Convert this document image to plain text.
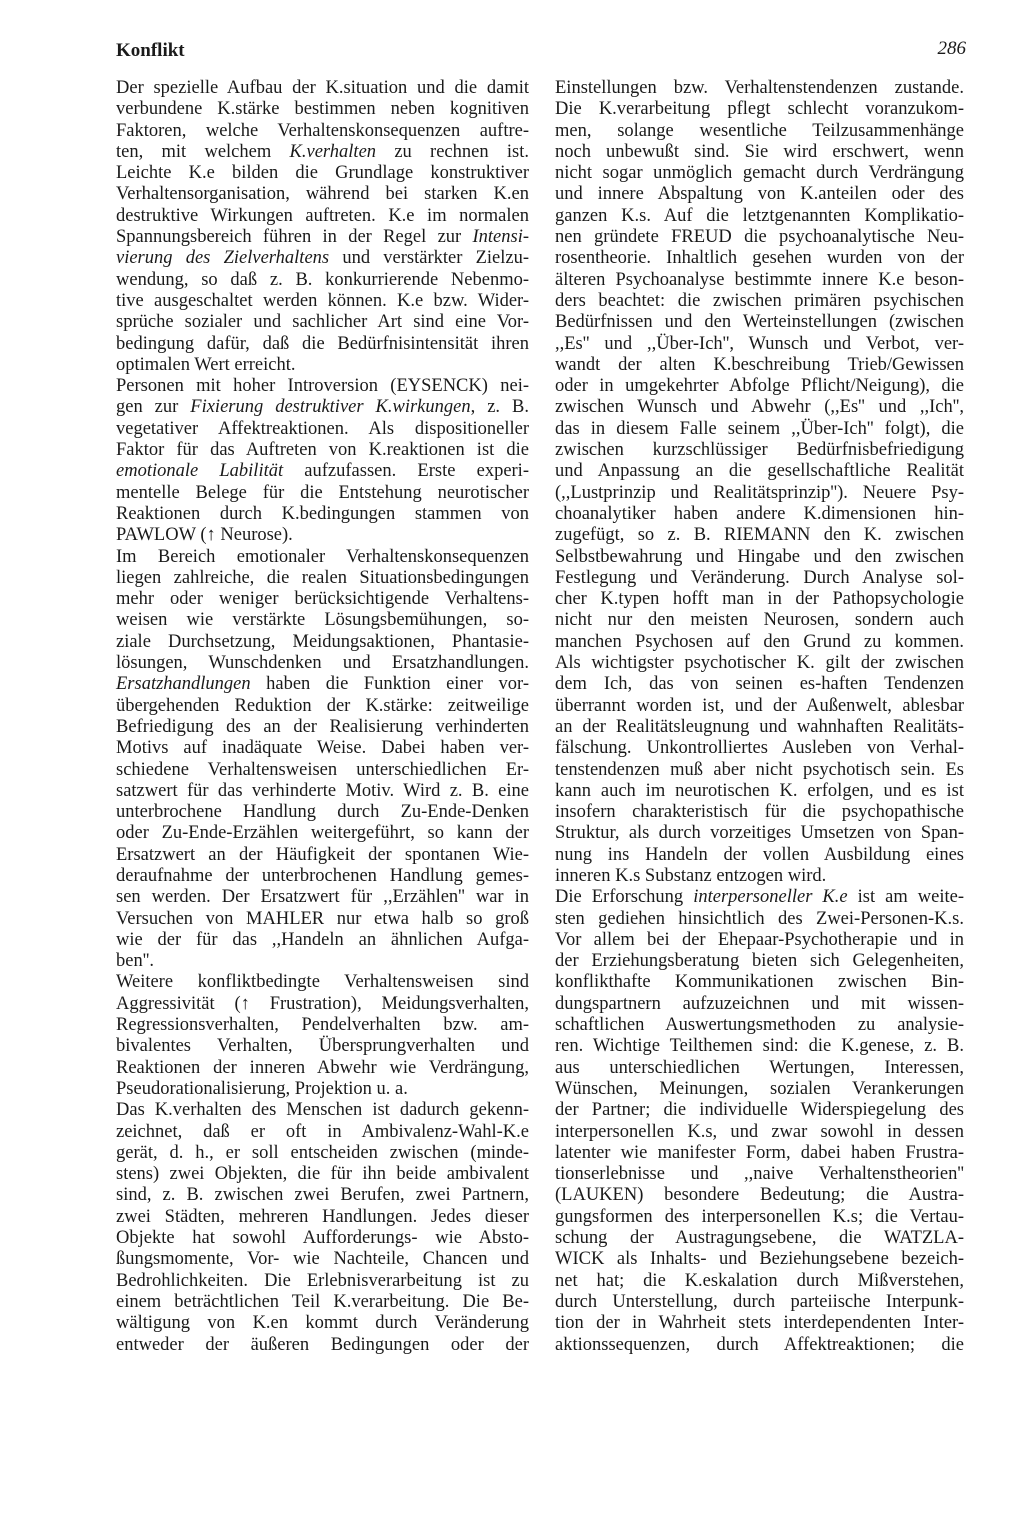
Konflikt	286
Der spezielle Aufbau der K.situation und die damit
verbundene K.stärke bestimmen neben kognitiven
Faktoren, welche Verhaltenskonsequenzen auftre-
ten, mit welchem K.verhalten zu rechnen ist.
Leichte K.e bilden die Grundlage konstruktiver
Verhaltensorganisation, während bei starken K.en
destruktive Wirkungen auftreten. K.e im normalen
Spannungsbereich führen in der Regel zur Intensi-
vierung des Zielverhaltens und verstärkter Zielzu-
wendung, so daß z. B. konkurrierende Nebenmo-
tive ausgeschaltet werden können. K.e bzw. Wider-
sprüche sozialer und sachlicher Art sind eine Vor-
bedingung dafür, daß die Bedürfnisintensität ihren
optimalen Wert erreicht.
Personen mit hoher Introversion (EYSENCK) nei-
gen zur Fixierung destruktiver K.wirkungen, z. B.
vegetativer Affektreaktionen. Als dispositioneller
Faktor für das Auftreten von K.reaktionen ist die
emotionale Labilität aufzufassen. Erste experi-
mentelle Belege für die Entstehung neurotischer
Reaktionen durch K.bedingungen stammen von
PAWLOW (↑ Neurose).
Im Bereich emotionaler Verhaltenskonsequenzen
liegen zahlreiche, die realen Situationsbedingungen
mehr oder weniger berücksichtigende Verhaltens-
weisen wie verstärkte Lösungsbemühungen, so-
ziale Durchsetzung, Meidungsaktionen, Phantasie-
lösungen, Wunschdenken und Ersatzhandlungen.
Ersatzhandlungen haben die Funktion einer vor-
übergehenden Reduktion der K.stärke: zeitweilige
Befriedigung des an der Realisierung verhinderten
Motivs auf inadäquate Weise. Dabei haben ver-
schiedene Verhaltensweisen unterschiedlichen Er-
satzwert für das verhinderte Motiv. Wird z. B. eine
unterbrochene Handlung durch Zu-Ende-Denken
oder Zu-Ende-Erzählen weitergeführt, so kann der
Ersatzwert an der Häufigkeit der spontanen Wie-
deraufnahme der unterbrochenen Handlung gemes-
sen werden. Der Ersatzwert für ,,Erzählen'' war in
Versuchen von MAHLER nur etwa halb so groß
wie der für das ,,Handeln an ähnlichen Aufga-
ben''.
Weitere konfliktbedingte Verhaltensweisen sind
Aggressivität (↑ Frustration), Meidungsverhalten,
Regressionsverhalten, Pendelverhalten bzw. am-
bivalentes Verhalten, Übersprungverhalten und
Reaktionen der inneren Abwehr wie Verdrängung,
Pseudorationalisierung, Projektion u. a.
Das K.verhalten des Menschen ist dadurch gekenn-
zeichnet, daß er oft in Ambivalenz-Wahl-K.e
gerät, d. h., er soll entscheiden zwischen (minde-
stens) zwei Objekten, die für ihn beide ambivalent
sind, z. B. zwischen zwei Berufen, zwei Partnern,
zwei Städten, mehreren Handlungen. Jedes dieser
Objekte hat sowohl Aufforderungs- wie Absto-
ßungsmomente, Vor- wie Nachteile, Chancen und
Bedrohlichkeiten. Die Erlebnisverarbeitung ist zu
einem beträchtlichen Teil K.verarbeitung. Die Be-
wältigung von K.en kommt durch Veränderung
entweder der äußeren Bedingungen oder der
Einstellungen bzw. Verhaltenstendenzen zustande.
Die K.verarbeitung pflegt schlecht voranzukom-
men, solange wesentliche Teilzusammenhänge
noch unbewußt sind. Sie wird erschwert, wenn
nicht sogar unmöglich gemacht durch Verdrängung
und innere Abspaltung von K.anteilen oder des
ganzen K.s. Auf die letztgenannten Komplikatio-
nen gründete FREUD die psychoanalytische Neu-
rosentheorie. Inhaltlich gesehen wurden von der
älteren Psychoanalyse bestimmte innere K.e beson-
ders beachtet: die zwischen primären psychischen
Bedürfnissen und den Werteinstellungen (zwischen
,,Es'' und ,,Über-Ich'', Wunsch und Verbot, ver-
wandt der alten K.beschreibung Trieb/Gewissen
oder in umgekehrter Abfolge Pflicht/Neigung), die
zwischen Wunsch und Abwehr (,,Es'' und ,,Ich'',
das in diesem Falle seinem ,,Über-Ich'' folgt), die
zwischen kurzschlüssiger Bedürfnisbefriedigung
und Anpassung an die gesellschaftliche Realität
(,,Lustprinzip und Realitätsprinzip''). Neuere Psy-
choanalytiker haben andere K.dimensionen hin-
zugefügt, so z. B. RIEMANN den K. zwischen
Selbstbewahrung und Hingabe und den zwischen
Festlegung und Veränderung. Durch Analyse sol-
cher K.typen hofft man in der Pathopsychologie
nicht nur den meisten Neurosen, sondern auch
manchen Psychosen auf den Grund zu kommen.
Als wichtigster psychotischer K. gilt der zwischen
dem Ich, das von seinen es-haften Tendenzen
überrannt worden ist, und der Außenwelt, ablesbar
an der Realitätsleugnung und wahnhaften Realitäts-
fälschung. Unkontrolliertes Ausleben von Verhal-
tenstendenzen muß aber nicht psychotisch sein. Es
kann auch im neurotischen K. erfolgen, und es ist
insofern charakteristisch für die psychopathische
Struktur, als durch vorzeitiges Umsetzen von Span-
nung ins Handeln der vollen Ausbildung eines
inneren K.s Substanz entzogen wird.
Die Erforschung interpersoneller K.e ist am weite-
sten gediehen hinsichtlich des Zwei-Personen-K.s.
Vor allem bei der Ehepaar-Psychotherapie und in
der Erziehungsberatung bieten sich Gelegenheiten,
konflikthafte Kommunikationen zwischen Bin-
dungspartnern aufzuzeichnen und mit wissen-
schaftlichen Auswertungsmethoden zu analysie-
ren. Wichtige Teilthemen sind: die K.genese, z. B.
aus unterschiedlichen Wertungen, Interessen,
Wünschen, Meinungen, sozialen Verankerungen
der Partner; die individuelle Widerspiegelung des
interpersonellen K.s, und zwar sowohl in dessen
latenter wie manifester Form, dabei haben Frustra-
tionserlebnisse und ,,naive Verhaltenstheorien''
(LAUKEN) besondere Bedeutung; die Austra-
gungsformen des interpersonellen K.s; die Vertau-
schung der Austragungsebene, die WATZLA-
WICK als Inhalts- und Beziehungsebene bezeich-
net hat; die K.eskalation durch Mißverstehen,
durch Unterstellung, durch parteiische Interpunk-
tion der in Wahrheit stets interdependenten Inter-
aktionssequenzen, durch Affektreaktionen; die
